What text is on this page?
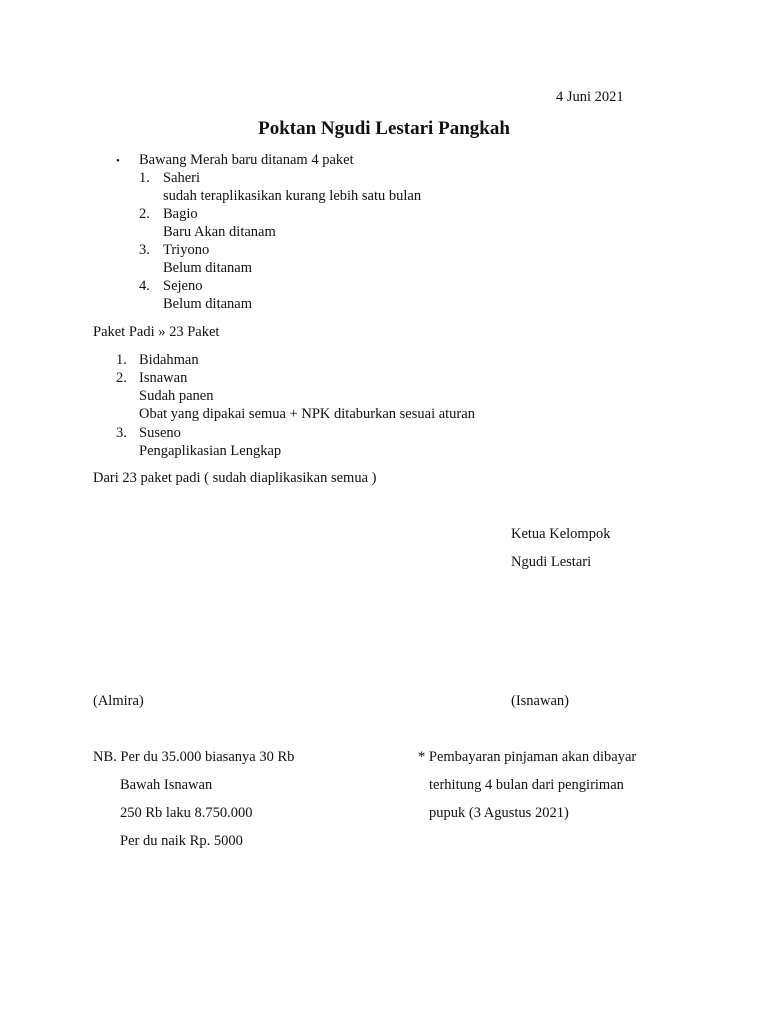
4 Juni 2021
Poktan Ngudi Lestari Pangkah
• Bawang Merah baru ditanam 4 paket
1. Saheri
sudah teraplikasikan kurang lebih satu bulan
2. Bagio
Baru Akan ditanam
3. Triyono
Belum ditanam
4. Sejeno
Belum ditanam
Paket Padi » 23 Paket
1. Bidahman
2. Isnawan
Sudah panen
Obat yang dipakai semua + NPK ditaburkan sesuai aturan
3. Suseno
Pengaplikasian Lengkap
Dari 23 paket padi ( sudah diaplikasikan semua )
Ketua Kelompok
Ngudi Lestari
(Almira)	(Isnawan)
NB. Per du 35.000 biasanya 30 Rb
Bawah Isnawan
250 Rb laku 8.750.000
Per du naik Rp. 5000
* Pembayaran pinjaman akan dibayar
terhitung 4 bulan dari pengiriman
pupuk (3 Agustus 2021)
